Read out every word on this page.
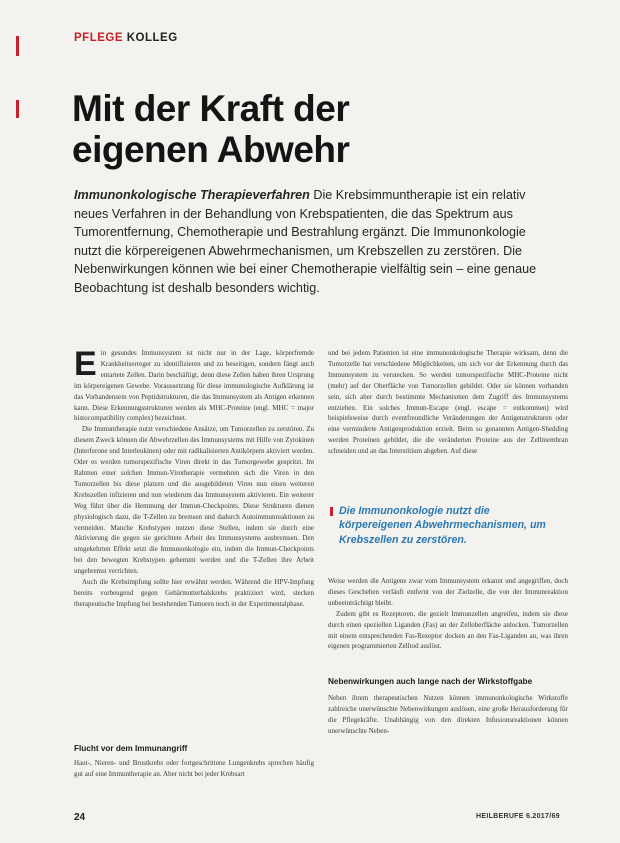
PFLEGE KOLLEG
Mit der Kraft der eigenen Abwehr

Immunonkologische Therapieverfahren Die Krebsimmuntherapie ist ein relativ neues Verfahren in der Behandlung von Krebspatienten, die das Spektrum aus Tumorentfernung, Chemotherapie und Bestrahlung ergänzt. Die Immunonkologie nutzt die körpereigenen Abwehrmechanismen, um Krebszellen zu zerstören. Die Nebenwirkungen können wie bei einer Chemotherapie vielfältig sein – eine genaue Beobachtung ist deshalb besonders wichtig.

Ein gesundes Immunsystem ist nicht nur in der Lage, körperfremde Krankheitserreger zu identifizieren und zu beseitigen, sondern fängt auch entartete Zellen. Darin beschäftigt, denn diese Zellen haben ihren Ursprung im körpereigenen Gewebe. Voraussetzung für diese immunologische Aufklärung ist das Vorhandensein von Peptidstrukturen, die das Immunsystem als Antigen erkennen kann. Diese Erkennungsstrukturen werden als MHC-Proteine (engl. MHC = major histocompatibility complex) bezeichnet.

Die Immuntherapie nutzt verschiedene Ansätze, um Tumorzellen zu zerstören. Zu diesem Zweck können die Abwehrzellen des Immunsystems mit Hilfe von Zytokinen (Interferone und Interleukinen) oder mit radikalisierten Antikörpern aktiviert werden. Oder es werden tumorspezifische Viren direkt in das Tumorgewebe gespritzt. Im Rahmen einer solchen Immun-Virotherapie vermehren sich die Viren in den Tumorzellen bis diese platzen und die ausgebildeten Viren nun einen weiteren Krebszellen infizieren und nun wiederum das Immunsystem aktivieren. Ein weiterer Weg führt über die Hemmung der Immun-Checkpoints. Diese Strukturen dienen physiologisch dazu, die T-Zellen zu bremsen und dadurch Autoimmunreaktionen zu vermeiden. Manche Krebstypen nutzen diese Stellen, indem sie durch eine Aktivierung die gegen sie gerichtete Arbeit des Immunsystems ausbremsen. Den umgekehrten Effekt setzt die Immunonkologie ein, indem die Immun-Checkpoints bei den bewegten Krebstypen gehemmt werden und die T-Zellen ihre Arbeit ungebremst verrichten.

Auch die Krebsimpfung sollte hier erwähnt werden. Während die HPV-Impfung bereits vorbeugend gegen Gebärmutterhalskrebs praktiziert wird, stecken therapeutische Impfung bei bestehenden Tumoren noch in der Experimentalphase.

Flucht vor dem Immunangriff

Haut-, Nieren- und Brustkrebs oder fortgeschrittene Lungenkrebs sprechen häufig gut auf eine Immuntherapie an. Aber nicht bei jeder Krebsart

und bei jedem Patienten ist eine immunonkologische Therapie wirksam, denn die Tumorzelle hat verschiedene Möglichkeiten, um sich vor der Erkennung durch das Immunsystem zu verstecken. So werden tumorspezifische MHC-Proteine nicht (mehr) auf der Oberfläche von Tumorzellen gebildet. Oder sie können vorhanden sein, sich aber durch bestimmte Mechanismen dem Zugriff des Immunsystems entziehen. Ein solches Immun-Escape (engl. escape = entkommen) wird beispielsweise durch eventfreundliche Veränderungen der Antigenstrukturen oder eine verminderte Antigenproduktion erzielt. Beim so genannten Antigen-Shedding werden Proteinen gebildet, die die veränderten Proteine aus der Zellmembran schneiden und an das Interstitium abgeben. Auf diese

Die Immunonkologie nutzt die körpereigenen Abwehrmechanismen, um Krebszellen zu zerstören.

Weise werden die Antigene zwar vom Immunsystem erkannt und angegriffen, doch dieses Geschehen verläuft entfernt von der Zielzelle, die von der Immunreaktion unbeeinträchtigt bleibt.

Zudem gibt es Rezeptoren, die gezielt Immunzellen angreifen, indem sie diese durch einen speziellen Liganden (Fas) an der Zelloberfläche anlocken. Tumorzellen mit einem entsprechenden Fas-Rezeptor docken an den Fas-Liganden an, was ihren eigenen programmierten Zelltod auslöst.

Nebenwirkungen auch lange nach der Wirkstoffgabe

Neben ihrem therapeutischen Nutzen können immunonkologische Wirkstoffe zahlreiche unerwünschte Nebenwirkungen auslösen, eine große Herausforderung für die Pflegekräfte. Unabhängig von den direkten Infusionsreaktionen können unerwünschte Neben-

24	HEILBERUFE 6.2017/69
